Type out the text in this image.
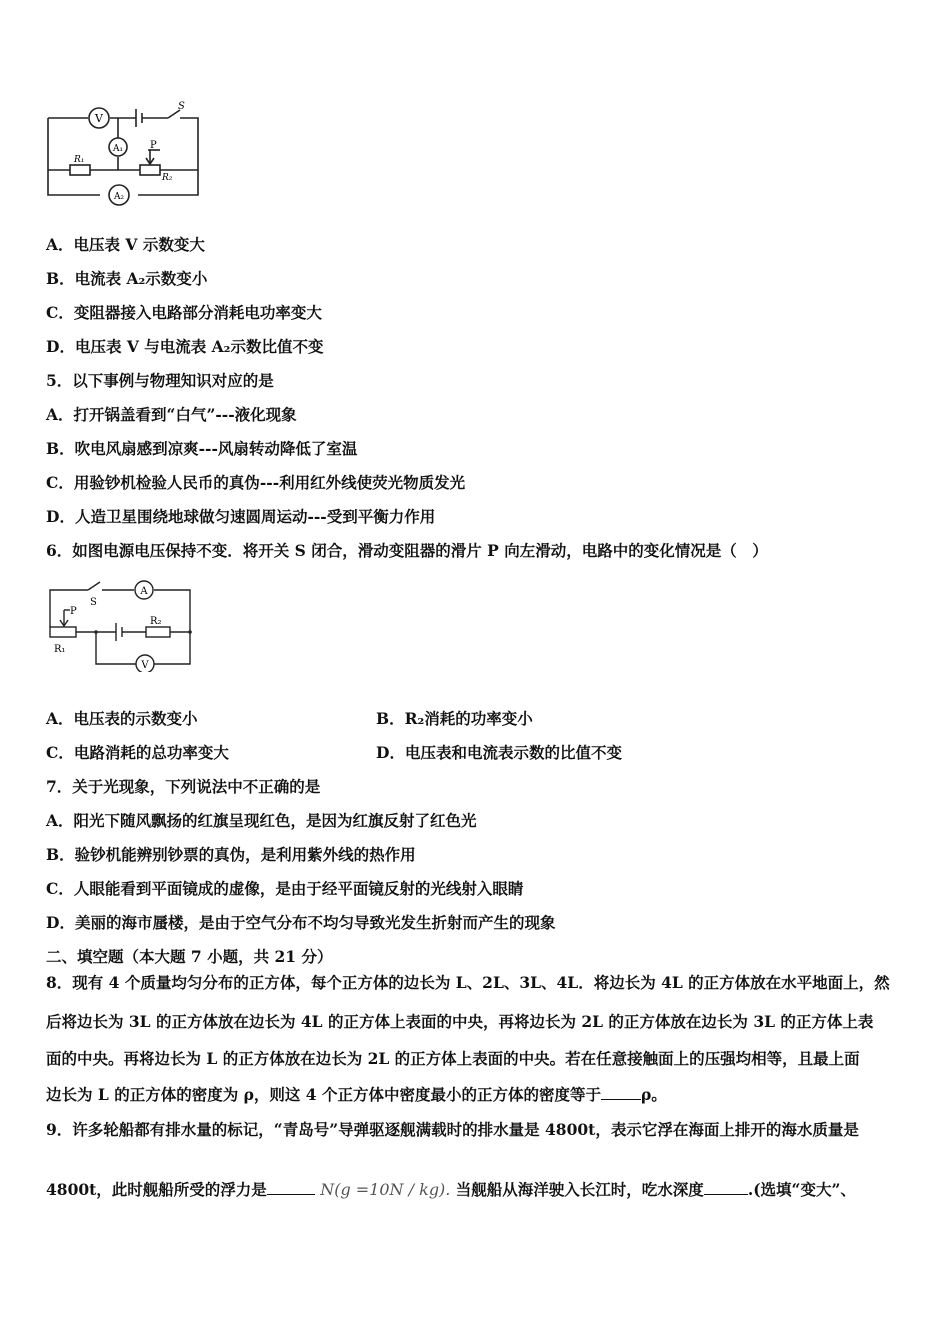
V
S
A₁	P
R₁
R₂
A₂
A．电压表 V 示数变大
B．电流表 A₂示数变小
C．变阻器接入电路部分消耗电功率变大
D．电压表 V 与电流表 A₂示数比值不变
5．以下事例与物理知识对应的是
A．打开锅盖看到“白气”---液化现象
B．吹电风扇感到凉爽---风扇转动降低了室温
C．用验钞机检验人民币的真伪---利用红外线使荧光物质发光
D．人造卫星围绕地球做匀速圆周运动---受到平衡力作用
6．如图电源电压保持不变．将开关 S 闭合，滑动变阻器的滑片 P 向左滑动，电路中的变化情况是（　）
S
A
P
R₂
R₁
V
A．电压表的示数变小	B．R₂消耗的功率变小
C．电路消耗的总功率变大	D．电压表和电流表示数的比值不变
7．关于光现象，下列说法中不正确的是
A．阳光下随风飘扬的红旗呈现红色，是因为红旗反射了红色光
B．验钞机能辨别钞票的真伪，是利用紫外线的热作用
C．人眼能看到平面镜成的虚像，是由于经平面镜反射的光线射入眼睛
D．美丽的海市蜃楼，是由于空气分布不均匀导致光发生折射而产生的现象
二、填空题（本大题 7 小题，共 21 分）
8．现有 4 个质量均匀分布的正方体，每个正方体的边长为 L、2L、3L、4L．将边长为 4L 的正方体放在水平地面上，然
后将边长为 3L 的正方体放在边长为 4L 的正方体上表面的中央，再将边长为 2L 的正方体放在边长为 3L 的正方体上表
面的中央。再将边长为 L 的正方体放在边长为 2L 的正方体上表面的中央。若在任意接触面上的压强均相等，且最上面
边长为 L 的正方体的密度为 ρ，则这 4 个正方体中密度最小的正方体的密度等于	ρ。
9．许多轮船都有排水量的标记，“青岛号”导弹驱逐舰满载时的排水量是 4800t，表示它浮在海面上排开的海水质量是
4800t，此时舰船所受的浮力是	N(g =10N / kg). 当舰船从海洋驶入长江时，吃水深度	.(选填“变大”、
